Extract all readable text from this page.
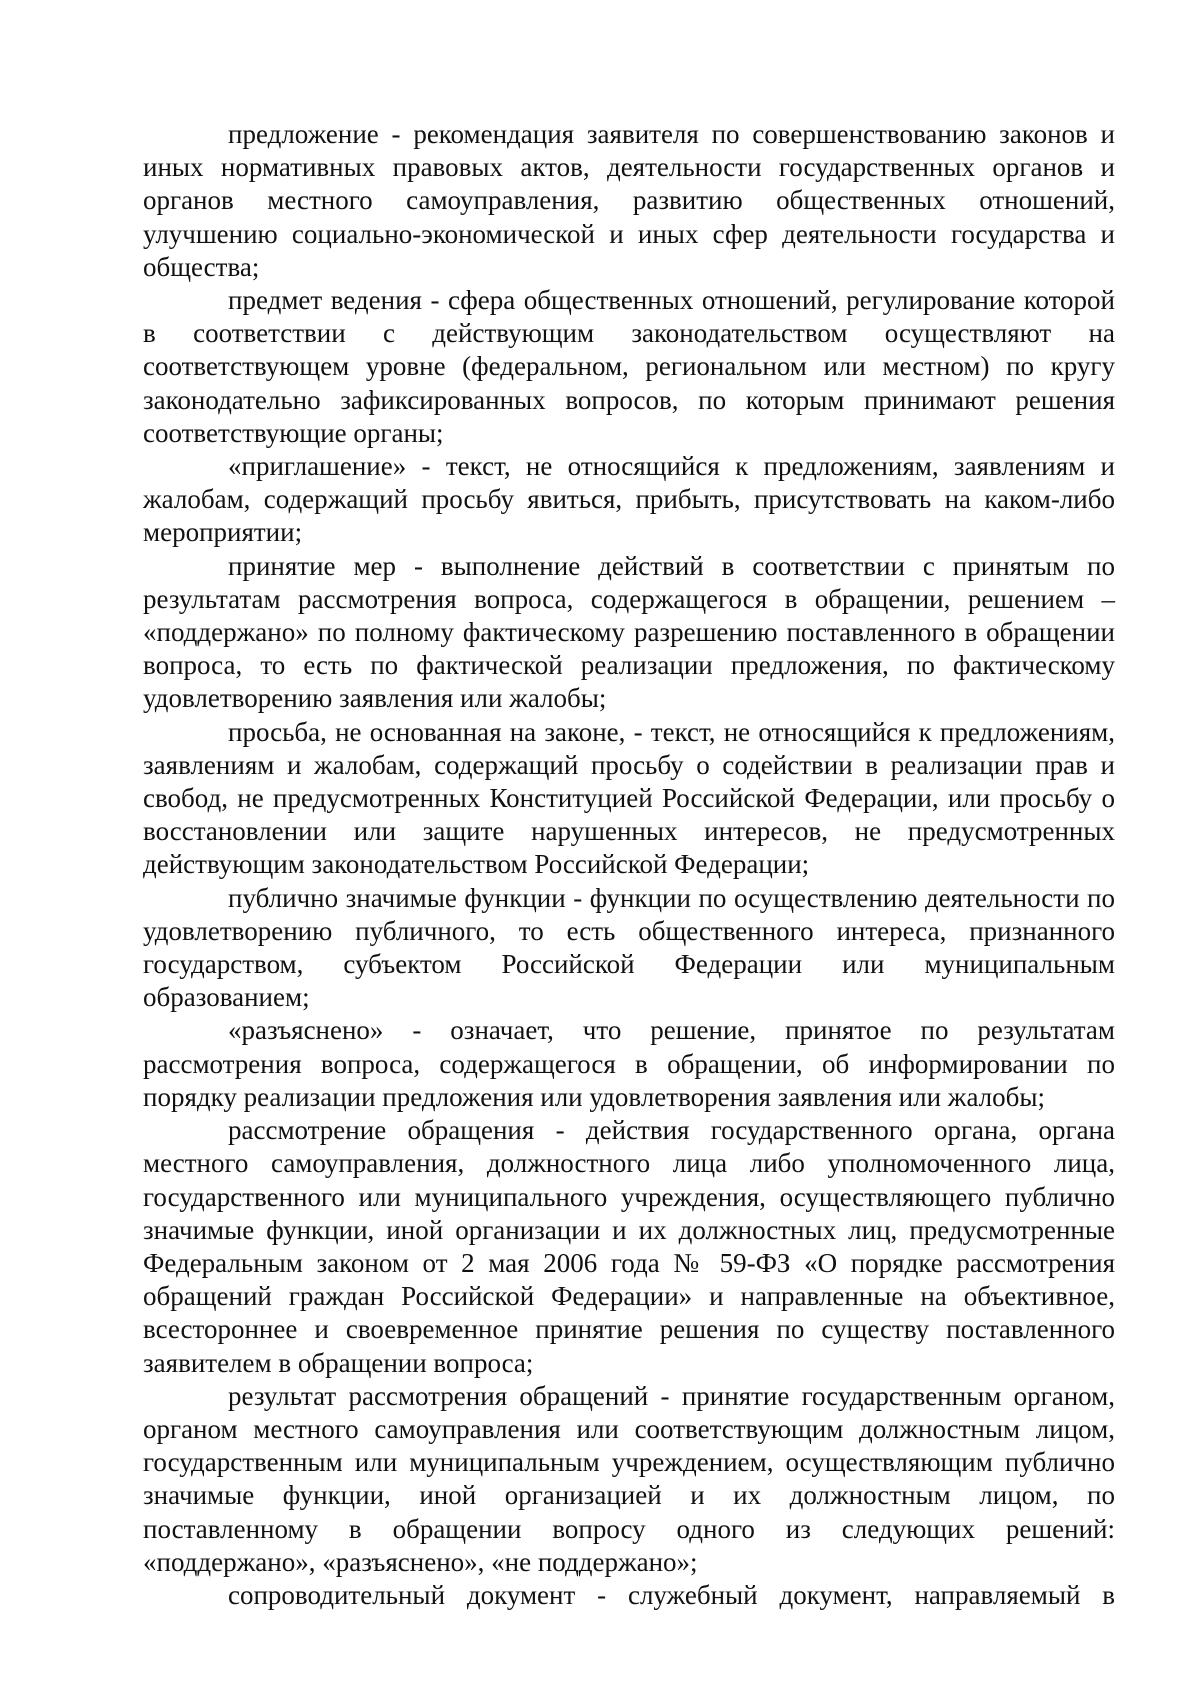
предложение - рекомендация заявителя по совершенствованию законов и иных нормативных правовых актов, деятельности государственных органов и органов местного самоуправления, развитию общественных отношений, улучшению социально-экономической и иных сфер деятельности государства и общества;

предмет ведения - сфера общественных отношений, регулирование которой в соответствии с действующим законодательством осуществляют на соответствующем уровне (федеральном, региональном или местном) по кругу законодательно зафиксированных вопросов, по которым принимают решения соответствующие органы;

«приглашение» - текст, не относящийся к предложениям, заявлениям и жалобам, содержащий просьбу явиться, прибыть, присутствовать на каком-либо мероприятии;

принятие мер - выполнение действий в соответствии с принятым по результатам рассмотрения вопроса, содержащегося в обращении, решением – «поддержано» по полному фактическому разрешению поставленного в обращении вопроса, то есть по фактической реализации предложения, по фактическому удовлетворению заявления или жалобы;

просьба, не основанная на законе, - текст, не относящийся к предложениям, заявлениям и жалобам, содержащий просьбу о содействии в реализации прав и свобод, не предусмотренных Конституцией Российской Федерации, или просьбу о восстановлении или защите нарушенных интересов, не предусмотренных действующим законодательством Российской Федерации;

публично значимые функции - функции по осуществлению деятельности по удовлетворению публичного, то есть общественного интереса, признанного государством, субъектом Российской Федерации или муниципальным образованием;

«разъяснено» - означает, что решение, принятое по результатам рассмотрения вопроса, содержащегося в обращении, об информировании по порядку реализации предложения или удовлетворения заявления или жалобы;

рассмотрение обращения - действия государственного органа, органа местного самоуправления, должностного лица либо уполномоченного лица, государственного или муниципального учреждения, осуществляющего публично значимые функции, иной организации и их должностных лиц, предусмотренные Федеральным законом от 2 мая 2006 года № 59-ФЗ «О порядке рассмотрения обращений граждан Российской Федерации» и направленные на объективное, всестороннее и своевременное принятие решения по существу поставленного заявителем в обращении вопроса;

результат рассмотрения обращений - принятие государственным органом, органом местного самоуправления или соответствующим должностным лицом, государственным или муниципальным учреждением, осуществляющим публично значимые функции, иной организацией и их должностным лицом, по поставленному в обращении вопросу одного из следующих решений: «поддержано», «разъяснено», «не поддержано»;

сопроводительный документ - служебный документ, направляемый в
